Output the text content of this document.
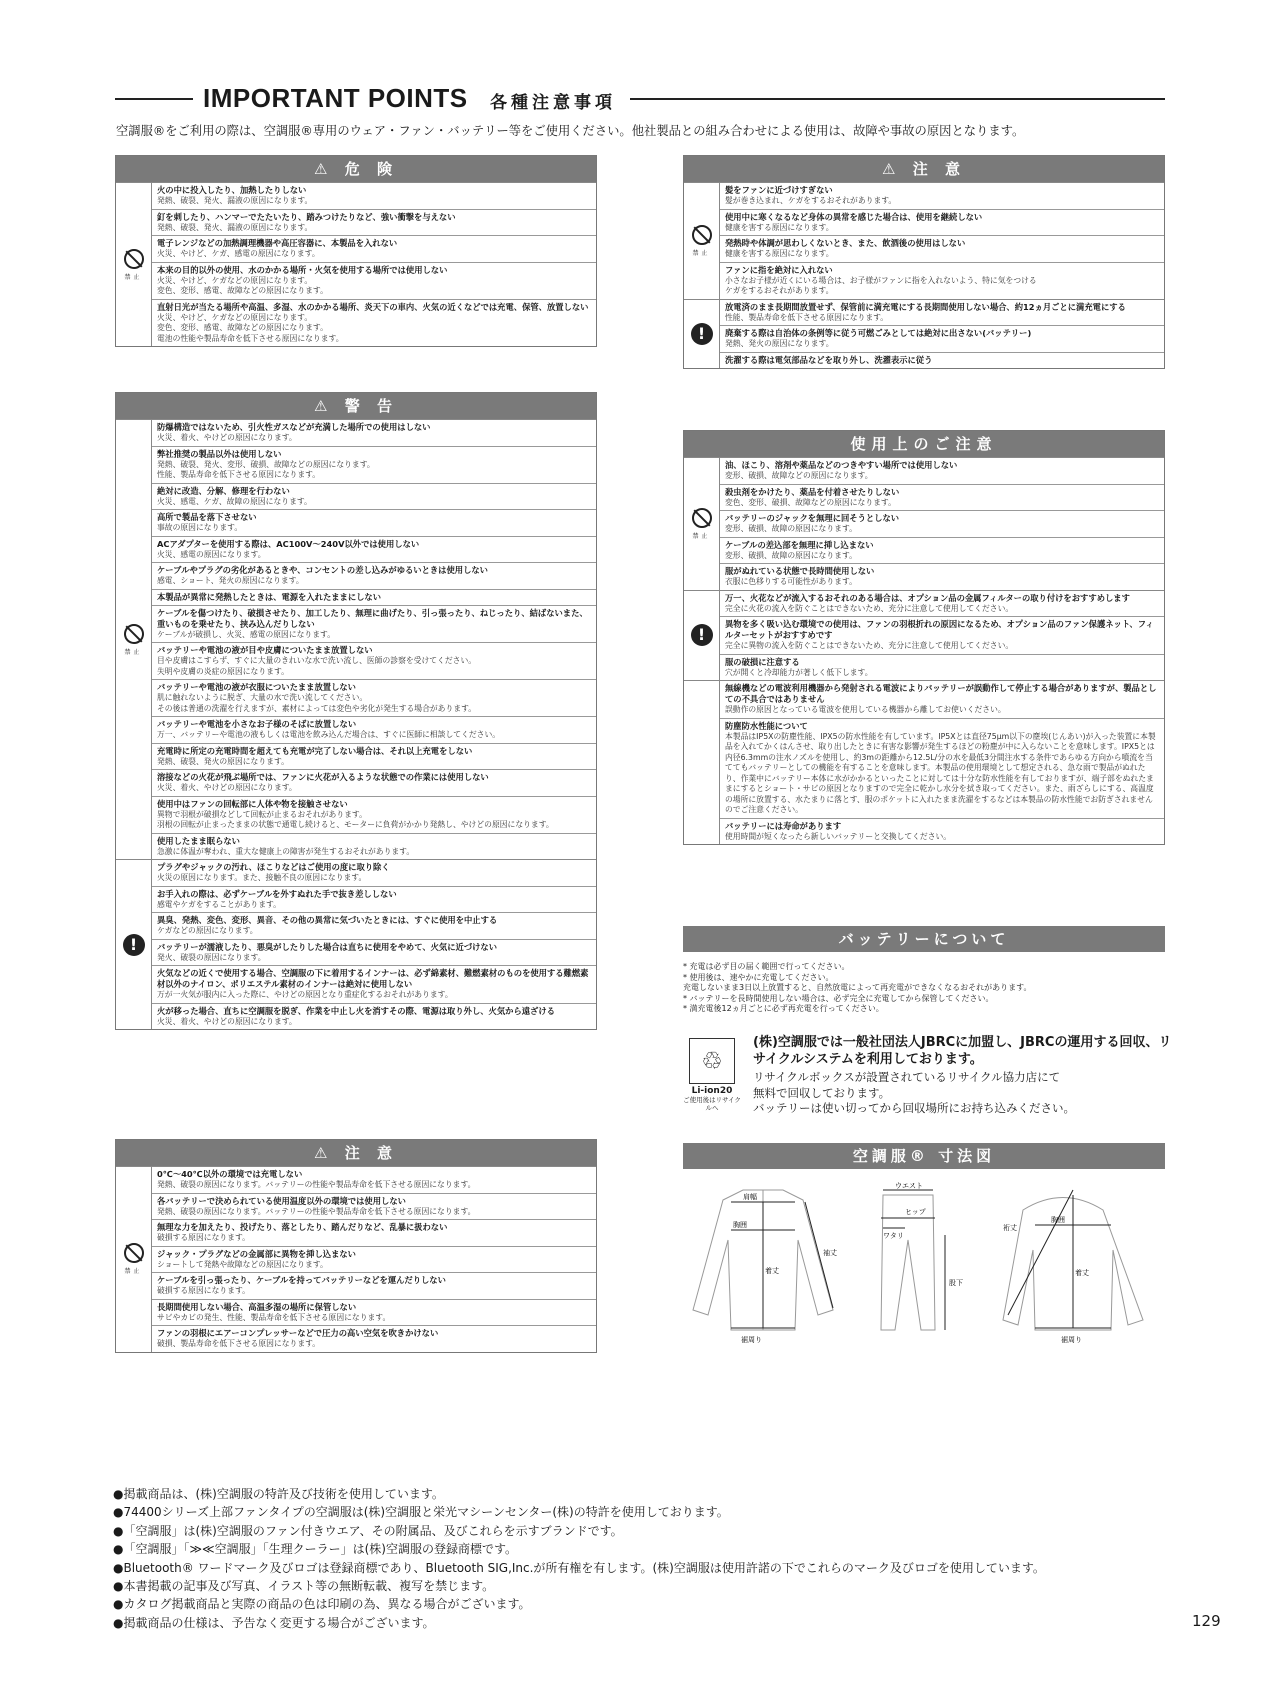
IMPORTANT POINTS 各種注意事項
空調服®をご利用の際は、空調服®専用のウェア・ファン・バッテリー等をご使用ください。他社製品との組み合わせによる使用は、故障や事故の原因となります。
⚠ 危 険
禁止
火の中に投入したり、加熱したりしない
発熱、破裂、発火、漏液の原因になります。
釘を刺したり、ハンマーでたたいたり、踏みつけたりなど、強い衝撃を与えない
発熱、破裂、発火、漏液の原因になります。
電子レンジなどの加熱調理機器や高圧容器に、本製品を入れない
火災、やけど、ケガ、感電の原因になります。
本来の目的以外の使用、水のかかる場所・火気を使用する場所では使用しない
火災、やけど、ケガなどの原因になります。
変色、変形、感電、故障などの原因になります。
直射日光が当たる場所や高温、多湿、水のかかる場所、炎天下の車内、火気の近くなどでは充電、保管、放置しない
火災、やけど、ケガなどの原因になります。
変色、変形、感電、故障などの原因になります。
電池の性能や製品寿命を低下させる原因になります。
⚠ 警 告
禁止
防爆構造ではないため、引火性ガスなどが充満した場所での使用はしない
火災、着火、やけどの原因になります。
弊社推奨の製品以外は使用しない
発熱、破裂、発火、変形、破損、故障などの原因になります。
性能、製品寿命を低下させる原因になります。
絶対に改造、分解、修理を行わない
火災、感電、ケガ、故障の原因になります。
高所で製品を落下させない
事故の原因になります。
ACアダプターを使用する際は、AC100V〜240V以外では使用しない
火災、感電の原因になります。
ケーブルやプラグの劣化があるときや、コンセントの差し込みがゆるいときは使用しない
感電、ショート、発火の原因になります。
本製品が異常に発熱したときは、電源を入れたままにしない
ケーブルを傷つけたり、破損させたり、加工したり、無理に曲げたり、引っ張ったり、ねじったり、結ばないまた、重いものを乗せたり、挟み込んだりしない
ケーブルが破損し、火災、感電の原因になります。
バッテリーや電池の液が目や皮膚についたまま放置しない
目や皮膚はこすらず、すぐに大量のきれいな水で洗い流し、医師の診察を受けてください。
失明や皮膚の炎症の原因になります。
バッテリーや電池の液が衣服についたまま放置しない
肌に触れないように脱ぎ、大量の水で洗い流してください。
その後は普通の洗濯を行えますが、素材によっては変色や劣化が発生する場合があります。
バッテリーや電池を小さなお子様のそばに放置しない
万一、バッテリーや電池の液もしくは電池を飲み込んだ場合は、すぐに医師に相談してください。
充電時に所定の充電時間を超えても充電が完了しない場合は、それ以上充電をしない
発熱、破裂、発火の原因になります。
溶接などの火花が飛ぶ場所では、ファンに火花が入るような状態での作業には使用しない
火災、着火、やけどの原因になります。
使用中はファンの回転部に人体や物を接触させない
異物で羽根が破損などして回転が止まるおそれがあります。
羽根の回転が止まったままの状態で通電し続けると、モーターに負荷がかかり発熱し、やけどの原因になります。
使用したまま眠らない
急激に体温が奪われ、重大な健康上の障害が発生するおそれがあります。
!
プラグやジャックの汚れ、ほこりなどはご使用の度に取り除く
火災の原因になります。また、接触不良の原因になります。
お手入れの際は、必ずケーブルを外すぬれた手で抜き差ししない
感電やケガをすることがあります。
異臭、発熱、変色、変形、異音、その他の異常に気づいたときには、すぐに使用を中止する
ケガなどの原因になります。
バッテリーが濡液したり、悪臭がしたりした場合は直ちに使用をやめて、火気に近づけない
発火、破裂の原因になります。
火気などの近くで使用する場合、空調服の下に着用するインナーは、必ず綿素材、難燃素材のものを使用する難燃素材以外のナイロン、ポリエステル素材のインナーは絶対に使用しない
万が一火気が服内に入った際に、やけどの原因となり重症化するおそれがあります。
火が移った場合、直ちに空調服を脱ぎ、作業を中止し火を消すその際、電源は取り外し、火気から遠ざける
火災、着火、やけどの原因になります。
⚠ 注 意
禁止
0℃〜40℃以外の環境では充電しない
発熱、破裂の原因になります。バッテリーの性能や製品寿命を低下させる原因になります。
各バッテリーで決められている使用温度以外の環境では使用しない
発熱、破裂の原因になります。バッテリーの性能や製品寿命を低下させる原因になります。
無理な力を加えたり、投げたり、落としたり、踏んだりなど、乱暴に扱わない
破損する原因になります。
ジャック・プラグなどの金属部に異物を挿し込まない
ショートして発熱や故障などの原因になります。
ケーブルを引っ張ったり、ケーブルを持ってバッテリーなどを運んだりしない
破損する原因になります。
長期間使用しない場合、高温多湿の場所に保管しない
サビやカビの発生、性能、製品寿命を低下させる原因になります。
ファンの羽根にエアーコンプレッサーなどで圧力の高い空気を吹きかけない
破損、製品寿命を低下させる原因になります。
⚠ 注 意
禁止
髪をファンに近づけすぎない
髪が巻き込まれ、ケガをするおそれがあります。
使用中に寒くなるなど身体の異常を感じた場合は、使用を継続しない
健康を害する原因になります。
発熱時や体調が思わしくないとき、また、飲酒後の使用はしない
健康を害する原因になります。
ファンに指を絶対に入れない
小さなお子様が近くにいる場合は、お子様がファンに指を入れないよう、特に気をつける
ケガをするおそれがあります。
!
放電済のまま長期間放置せず、保管前に満充電にする長期間使用しない場合、約12ヵ月ごとに満充電にする
性能、製品寿命を低下させる原因になります。
廃棄する際は自治体の条例等に従う可燃ごみとしては絶対に出さない(バッテリー)
発熱、発火の原因になります。
洗濯する際は電気部品などを取り外し、洗濯表示に従う
使用上のご注意
禁止
油、ほこり、溶剤や薬品などのつきやすい場所では使用しない
変形、破損、故障などの原因になります。
殺虫剤をかけたり、薬品を付着させたりしない
変色、変形、破損、故障などの原因になります。
バッテリーのジャックを無理に回そうとしない
変形、破損、故障の原因になります。
ケーブルの差込部を無理に挿し込まない
変形、破損、故障の原因になります。
服がぬれている状態で長時間使用しない
衣服に色移りする可能性があります。
!
万一、火花などが流入するおそれのある場合は、オプション品の金属フィルターの取り付けをおすすめします
完全に火花の流入を防ぐことはできないため、充分に注意して使用してください。
異物を多く吸い込む環境での使用は、ファンの羽根折れの原因になるため、オプション品のファン保護ネット、フィルターセットがおすすめです
完全に異物の流入を防ぐことはできないため、充分に注意して使用してください。
服の破損に注意する
穴が開くと冷却能力が著しく低下します。
無線機などの電波利用機器から発射される電波によりバッテリーが誤動作して停止する場合がありますが、製品としての不具合ではありません
誤動作の原因となっている電波を使用している機器から離してお使いください。
防塵防水性能について
本製品はIP5Xの防塵性能、IPX5の防水性能を有しています。IP5Xとは直径75μm以下の塵埃(じんあい)が入った装置に本製品を入れてかくはんさせ、取り出したときに有害な影響が発生するほどの粉塵が中に入らないことを意味します。IPX5とは内径6.3mmの注水ノズルを使用し、約3mの距離から12.5L/分の水を最低3分間注水する条件であらゆる方向から噴流を当ててもバッテリーとしての機能を有することを意味します。本製品の使用環境として想定される、急な雨で製品がぬれたり、作業中にバッテリー本体に水がかかるといったことに対しては十分な防水性能を有しておりますが、端子部をぬれたままにするとショート・サビの原因となりますので完全に乾かし水分を拭き取ってください。また、雨ざらしにする、高温度の場所に放置する、水たまりに落とす、服のポケットに入れたまま洗濯をするなどは本製品の防水性能でお防ぎされませんのでご注意ください。
バッテリーには寿命があります
使用時間が短くなったら新しいバッテリーと交換してください。
バッテリーについて
* 充電は必ず目の届く範囲で行ってください。
* 使用後は、速やかに充電してください。
充電しないまま3日以上放置すると、自然放電によって再充電ができなくなるおそれがあります。
* バッテリーを長時間使用しない場合は、必ず完全に充電してから保管してください。
* 満充電後12ヵ月ごとに必ず再充電を行ってください。
♲
Li-ion20
ご使用後はリサイクルへ
(株)空調服では一般社団法人JBRCに加盟し、JBRCの運用する回収、リサイクルシステムを利用しております。
リサイクルボックスが設置されているリサイクル協力店にて
無料で回収しております。
バッテリーは使い切ってから回収場所にお持ち込みください。
空調服® 寸法図
肩幅
胸囲
着丈
袖丈
裾周り
ウエスト
ヒップ
ワタリ
股下
裄丈
胸囲
着丈
裾周り
●掲載商品は、(株)空調服の特許及び技術を使用しています。
●74400シリーズ上部ファンタイプの空調服は(株)空調服と栄光マシーンセンター(株)の特許を使用しております。
●「空調服」は(株)空調服のファン付きウエア、その附属品、及びこれらを示すブランドです。
●「空調服」「≫≪空調服」「生理クーラー」は(株)空調服の登録商標です。
●Bluetooth® ワードマーク及びロゴは登録商標であり、Bluetooth SIG,Inc.が所有権を有します。(株)空調服は使用許諾の下でこれらのマーク及びロゴを使用しています。
●本書掲載の記事及び写真、イラスト等の無断転載、複写を禁じます。
●カタログ掲載商品と実際の商品の色は印刷の為、異なる場合がございます。
●掲載商品の仕様は、予告なく変更する場合がございます。	129
